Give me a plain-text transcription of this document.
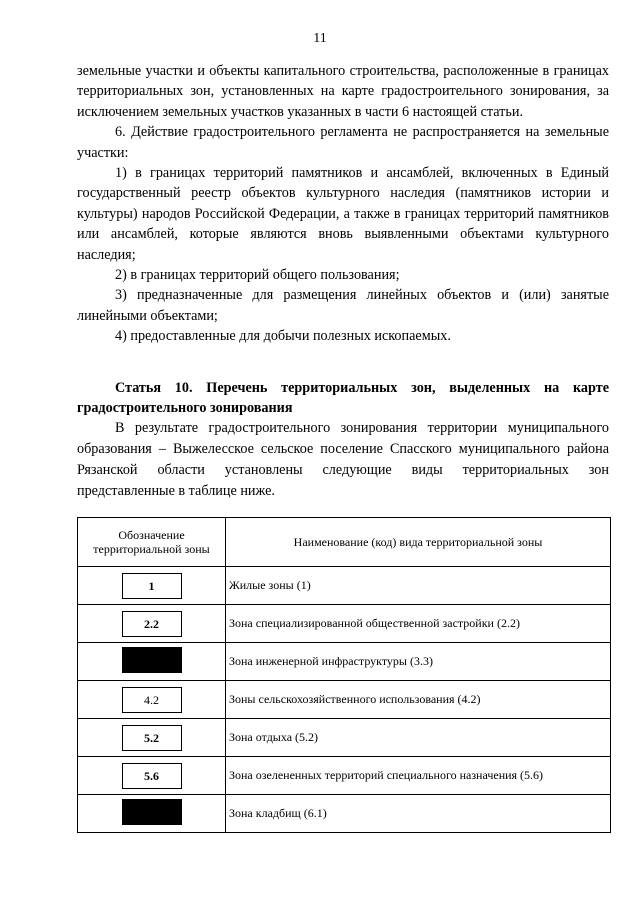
11

земельные участки и объекты капитального строительства, расположенные в границах территориальных зон, установленных на карте градостроительного зонирования, за исключением земельных участков указанных в части 6 настоящей статьи.

6. Действие градостроительного регламента не распространяется на земельные участки:

1) в границах территорий памятников и ансамблей, включенных в Единый государственный реестр объектов культурного наследия (памятников истории и культуры) народов Российской Федерации, а также в границах территорий памятников или ансамблей, которые являются вновь выявленными объектами культурного наследия;

2) в границах территорий общего пользования;

3) предназначенные для размещения линейных объектов и (или) занятые линейными объектами;

4) предоставленные для добычи полезных ископаемых.

Статья 10. Перечень территориальных зон, выделенных на карте градостроительного зонирования

В результате градостроительного зонирования территории муниципального образования – Выжелесское сельское поселение Спасского муниципального района Рязанской области установлены следующие виды территориальных зон представленные в таблице ниже.

Обозначение территориальной зоны	Наименование (код) вида территориальной зоны
1	Жилые зоны (1)
2.2	Зона специализированной общественной застройки (2.2)
	Зона инженерной инфраструктуры (3.3)
4.2	Зоны сельскохозяйственного использования (4.2)
5.2	Зона отдыха (5.2)
5.6	Зона озелененных территорий специального назначения (5.6)
	Зона кладбищ (6.1)
